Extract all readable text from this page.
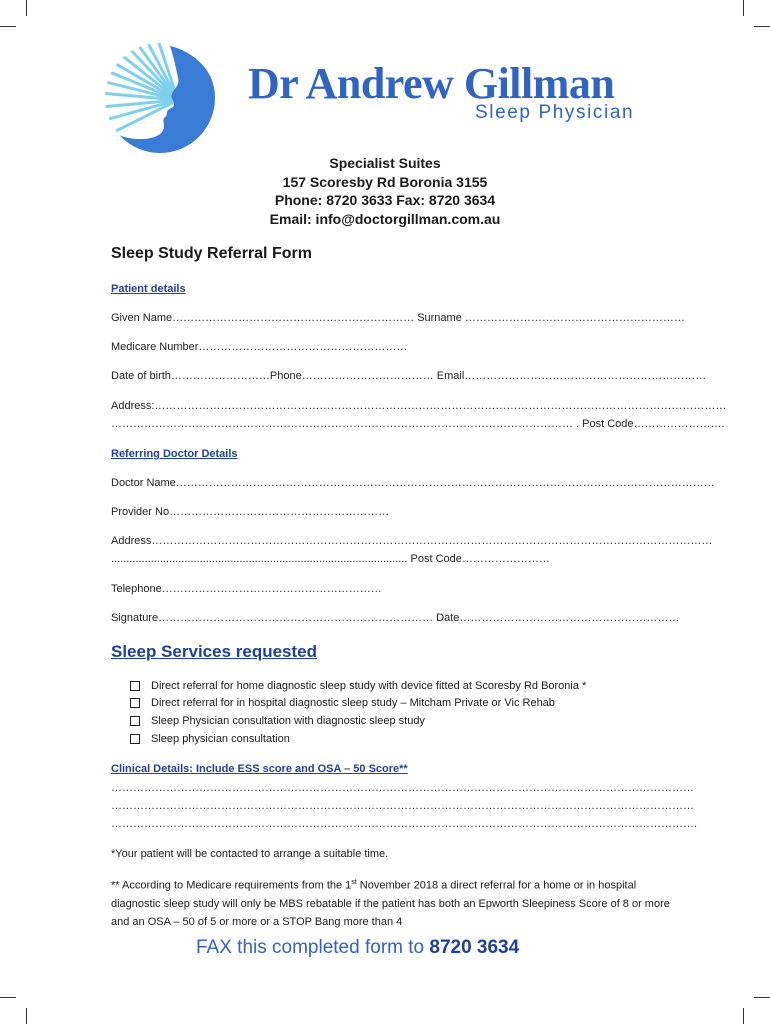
Dr Andrew Gillman
Sleep Physician
Specialist Suites
157 Scoresby Rd Boronia 3155
Phone: 8720 3633 Fax: 8720 3634
Email: info@doctorgillman.com.au
Sleep Study Referral Form
Patient details
Given Name………………………………………………………… Surname ……………………………………………………
Medicare Number…………………………………………………
Date of birth………………………Phone……………………………… Email…………………………………………………………
Address:…………………………………………………………………………………………………………………………………………
……………………………………………………………………………………………………………… . Post Code…………………….
Referring Doctor Details
Doctor Name…………………………………………………………………………………………………………………………………
Provider No……………………………………………………
Address………………………………………………………………………………………………………………………………………
................................................................................................. Post Code……………………
Telephone……………………………………………………
Signature………………………………………………………………… Date……………………………………………………
Sleep Services requested
Direct referral for home diagnostic sleep study with device fitted at Scoresby Rd Boronia *
Direct referral for in hospital diagnostic sleep study – Mitcham Private or Vic Rehab
Sleep Physician consultation with diagnostic sleep study
Sleep physician consultation
Clinical Details: Include ESS score and OSA – 50 Score**
……………………………………………………………………………………………………………………………………………
……………………………………………………………………………………………………………………………………………
…………………………………………………………………………………………………………………………………………….
*Your patient will be contacted to arrange a suitable time.
** According to Medicare requirements from the 1st November 2018 a direct referral for a home or in hospital diagnostic sleep study will only be MBS rebatable if the patient has both an Epworth Sleepiness Score of 8 or more and an OSA – 50 of 5 or more or a STOP Bang more than 4
FAX this completed form to 8720 3634
